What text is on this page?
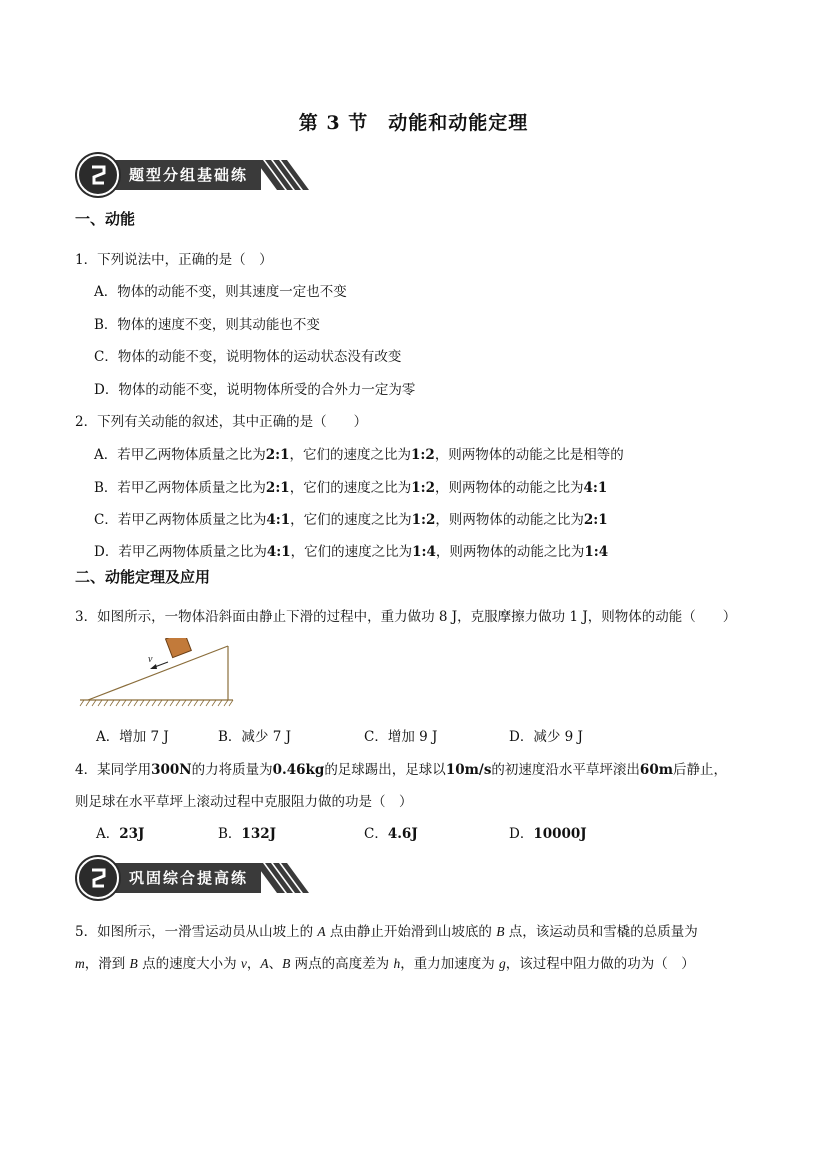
第 3 节　动能和动能定理
题型分组基础练
一、动能
1．下列说法中，正确的是（　）
A．物体的动能不变，则其速度一定也不变
B．物体的速度不变，则其动能也不变
C．物体的动能不变，说明物体的运动状态没有改变
D．物体的动能不变，说明物体所受的合外力一定为零
2．下列有关动能的叙述，其中正确的是（　　）
A．若甲乙两物体质量之比为2:1，它们的速度之比为1:2，则两物体的动能之比是相等的
B．若甲乙两物体质量之比为2:1，它们的速度之比为1:2，则两物体的动能之比为4:1
C．若甲乙两物体质量之比为4:1，它们的速度之比为1:2，则两物体的动能之比为2:1
D．若甲乙两物体质量之比为4:1，它们的速度之比为1:4，则两物体的动能之比为1:4
二、动能定理及应用
3．如图所示，一物体沿斜面由静止下滑的过程中，重力做功 8 J，克服摩擦力做功 1 J，则物体的动能（　　）
v
A．增加 7 J	B．减少 7 J	C．增加 9 J	D．减少 9 J
4．某同学用300N的力将质量为0.46kg的足球踢出，足球以10m/s的初速度沿水平草坪滚出60m后静止，
则足球在水平草坪上滚动过程中克服阻力做的功是（　）
A．23J	B．132J	C．4.6J	D．10000J
巩固综合提高练
5．如图所示，一滑雪运动员从山坡上的 A 点由静止开始滑到山坡底的 B 点，该运动员和雪橇的总质量为
m，滑到 B 点的速度大小为 v，A、B 两点的高度差为 h，重力加速度为 g，该过程中阻力做的功为（　）
